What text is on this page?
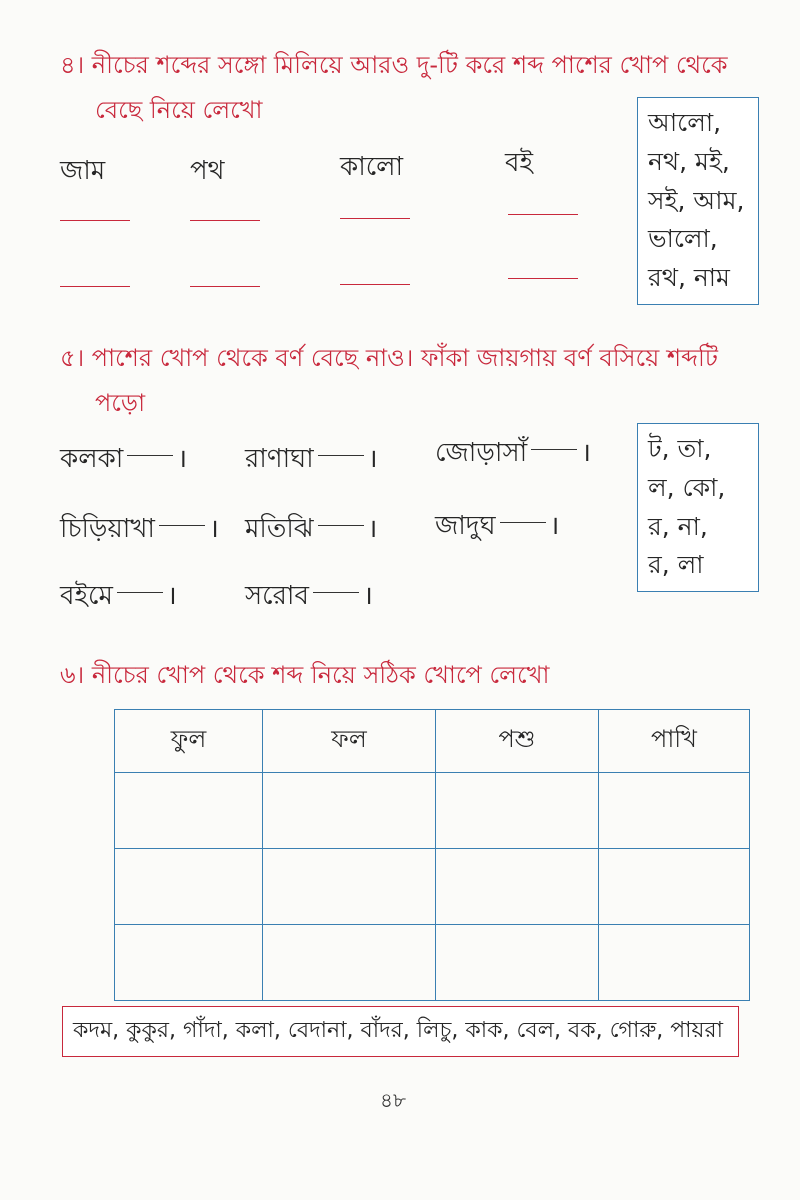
৪। নীচের শব্দের সঙ্গো মিলিয়ে আরও দু-টি করে শব্দ পাশের খোপ থেকে
বেছে নিয়ে লেখো
জাম	পথ	কালো	বই
আলো,
নথ, মই,
সই, আম,
ভালো,
রথ, নাম
৫। পাশের খোপ থেকে বর্ণ বেছে নাও। ফাঁকা জায়গায় বর্ণ বসিয়ে শব্দটি
পড়ো
কলকা । রাণাঘা । জোড়াসাঁ ।
চিড়িয়াখা । মতিঝি । জাদুঘ ।
বইমে ।	সরোব ।
ট, তা,
ল, কো,
র, না,
র, লা
৬। নীচের খোপ থেকে শব্দ নিয়ে সঠিক খোপে লেখো
ফুল	ফল	পশু	পাখি

কদম, কুকুর, গাঁদা, কলা, বেদানা, বাঁদর, লিচু, কাক, বেল, বক, গোরু, পায়রা
৪৮
